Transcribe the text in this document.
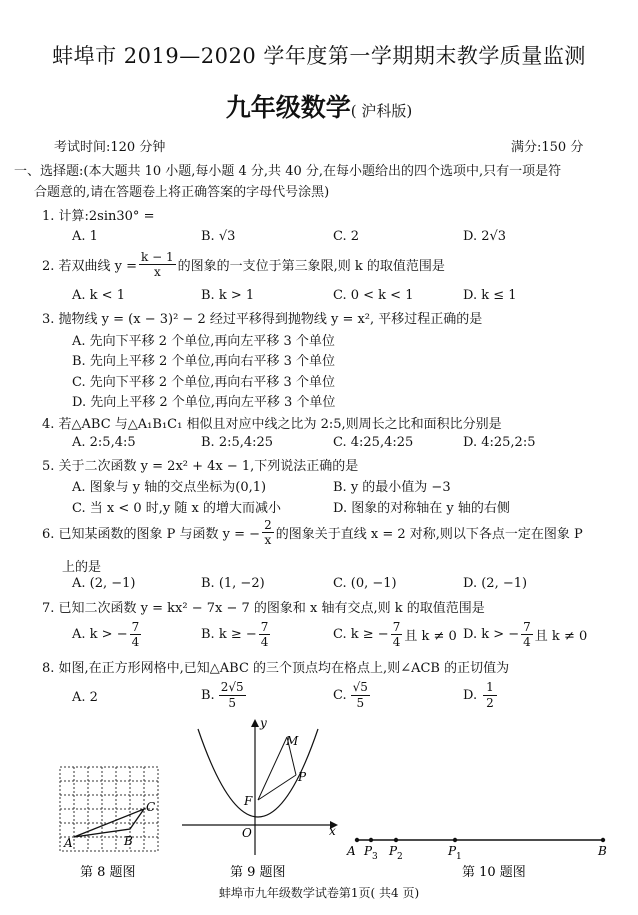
蚌埠市 2019—2020 学年度第一学期期末教学质量监测
九年级数学( 沪科版)
考试时间:120 分钟	满分:150 分
一、选择题:(本大题共 10 小题,每小题 4 分,共 40 分,在每小题给出的四个选项中,只有一项是符
合题意的,请在答题卷上将正确答案的字母代号涂黑)
1. 计算:2sin30° =
A. 1	B. √3	C. 2	D. 2√3
2. 若双曲线 $y = \frac{k - 1}{x}$ 的图象的一支位于第三象限,则 k 的取值范围是
A. k < 1	B. k > 1	C. 0 < k < 1	D. k ≤ 1
3. 抛物线 y = (x − 3)² − 2 经过平移得到抛物线 y = x², 平移过程正确的是
A. 先向下平移 2 个单位,再向左平移 3 个单位
B. 先向上平移 2 个单位,再向右平移 3 个单位
C. 先向下平移 2 个单位,再向右平移 3 个单位
D. 先向上平移 2 个单位,再向左平移 3 个单位
4. 若△ABC 与△A₁B₁C₁ 相似且对应中线之比为 2:5,则周长之比和面积比分别是
A. 2:5,4:5	B. 2:5,4:25	C. 4:25,4:25	D. 4:25,2:5
5. 关于二次函数 y = 2x² + 4x − 1,下列说法正确的是
A. 图象与 y 轴的交点坐标为(0,1)	B. y 的最小值为 −3
C. 当 x < 0 时,y 随 x 的增大而减小	D. 图象的对称轴在 y 轴的右侧
6. 已知某函数的图象 P 与函数 y = − $\frac{2}{x}$ 的图象关于直线 x = 2 对称,则以下各点一定在图象 P
上的是
A. (2, −1)	B. (1, −2)	C. (0, −1)	D. (2, −1)
7. 已知二次函数 y = kx² − 7x − 7 的图象和 x 轴有交点,则 k 的取值范围是
A. k > − $\frac{7}{4}$	B. k ≥ − $\frac{7}{4}$	C. k ≥ − $\frac{7}{4}$ 且 k ≠ 0 D. k > − $\frac{7}{4}$ 且 k ≠ 0
8. 如图,在正方形网格中,已知△ABC 的三个顶点均在格点上,则∠ACB 的正切值为
A. 2	B. $\frac{2√5}{5}$	C. $\frac{√5}{5}$	D. $\frac{1}{2}$
A	B
C
第 8 题图
y
x
O
F
M
P
第 9 题图
A P 3 P 2	P 1	B
第 10 题图
蚌埠市九年级数学试卷第1页( 共4 页)
